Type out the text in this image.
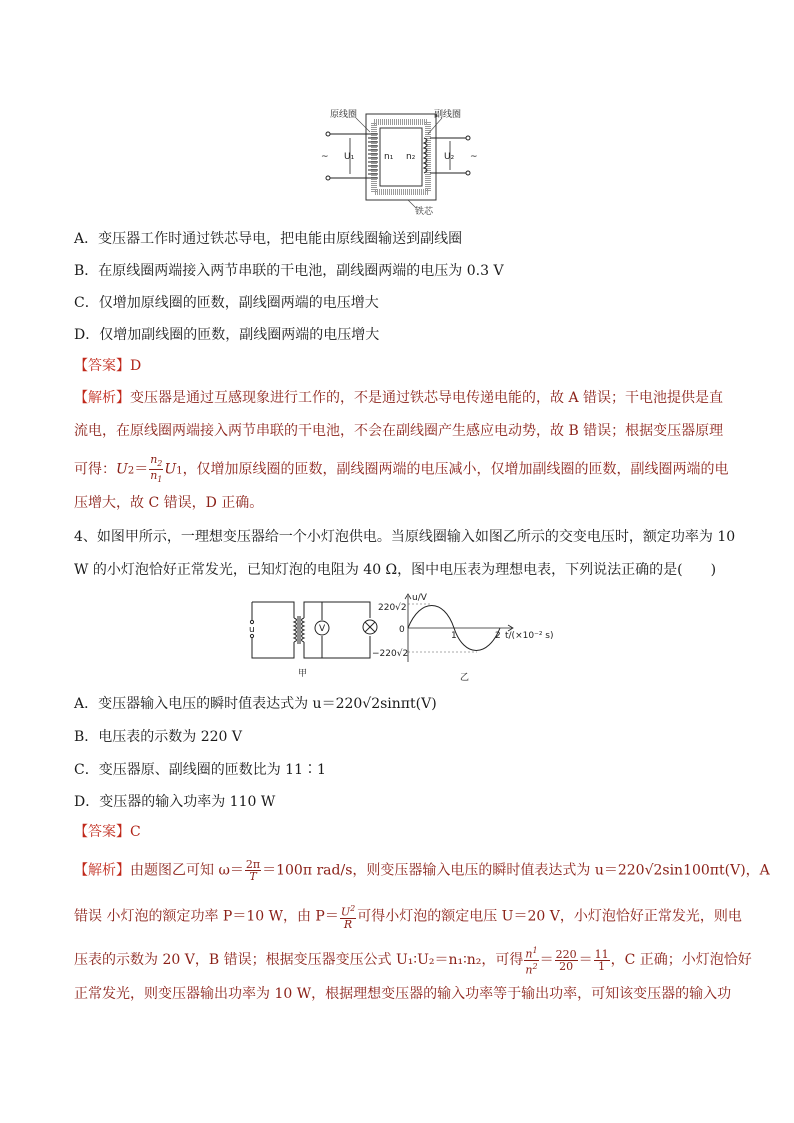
原线圈	副线圈
铁芯
U₁	U₂
n₁ n₂
~	~
A．变压器工作时通过铁芯导电，把电能由原线圈输送到副线圈
B．在原线圈两端接入两节串联的干电池，副线圈两端的电压为 0.3 V
C．仅增加原线圈的匝数，副线圈两端的电压增大
D．仅增加副线圈的匝数，副线圈两端的电压增大
【答案】D
【解析】变压器是通过互感现象进行工作的，不是通过铁芯导电传递电能的，故 A 错误；干电池提供是直
流电，在原线圈两端接入两节串联的干电池，不会在副线圈产生感应电动势，故 B 错误；根据变压器原理
可得：$U2= \frac{n_2}{n_1} U1$，仅增加原线圈的匝数，副线圈两端的电压减小，仅增加副线圈的匝数，副线圈两端的电
压增大，故 C 错误，D 正确。
4、如图甲所示，一理想变压器给一个小灯泡供电。当原线圈输入如图乙所示的交变电压时，额定功率为 10
W 的小灯泡恰好正常发光，已知灯泡的电阻为 40 Ω，图中电压表为理想电表，下列说法正确的是(　　)
u	V
甲
u/V
220√2
0
−220√2
1	2 t/(×10⁻² s)
乙
A．变压器输入电压的瞬时值表达式为 u＝220√2sinπt(V)
B．电压表的示数为 220 V
C．变压器原、副线圈的匝数比为 11∶1
D．变压器的输入功率为 110 W
【答案】C
【解析】由题图乙可知 $\omega= \frac{2\pi}{T} =100\pi$ rad/s，则变压器输入电压的瞬时值表达式为 u＝220√2sin100πt(V)，A
错误 小灯泡的额定功率 P＝10 W，由 $P= \frac{U^2}{R}$ 可得小灯泡的额定电压 U＝20 V，小灯泡恰好正常发光，则电
压表的示数为 20 V，B 错误；根据变压器变压公式 U₁∶U₂＝n₁∶n₂，可得 $\frac{n^1}{n^2} = \frac{220}{20} = \frac{11}{1}$ ，C 正确；小灯泡恰好
正常发光，则变压器输出功率为 10 W，根据理想变压器的输入功率等于输出功率，可知该变压器的输入功
